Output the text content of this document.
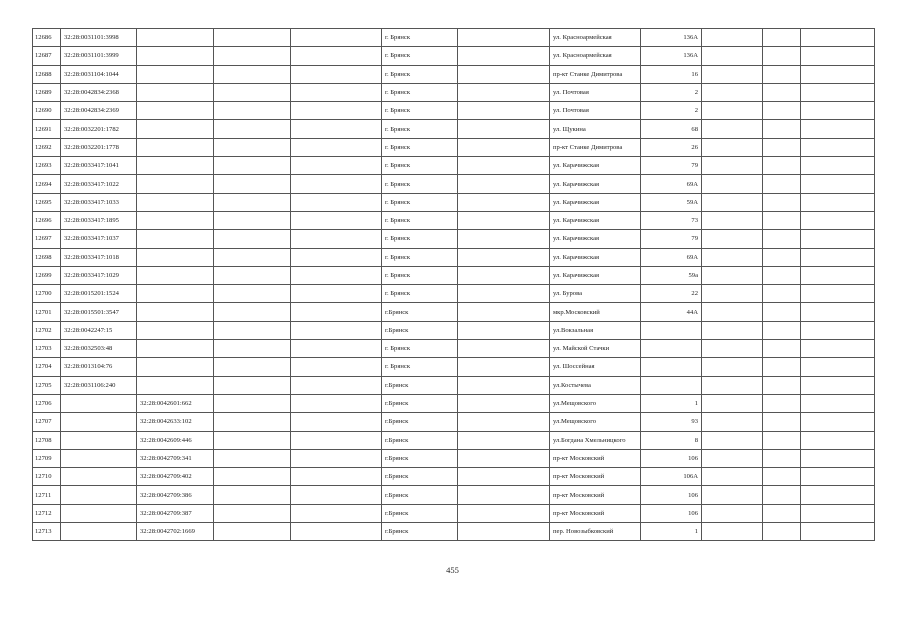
12686	32:28:0031101:3998				г. Брянск		ул. Красноармейская	136А			
12687	32:28:0031101:3999				г. Брянск		ул. Красноармейская	136А			
12688	32:28:0031104:1044				г. Брянск		пр-кт Станке Димитрова	16			
12689	32:28:0042834:2368				г. Брянск		ул. Почтовая	2			
12690	32:28:0042834:2369				г. Брянск		ул. Почтовая	2			
12691	32:28:0032201:1782				г. Брянск		ул. Щукина	68			
12692	32:28:0032201:1778				г. Брянск		пр-кт Станке Димитрова	26			
12693	32:28:0033417:1041				г. Брянск		ул. Карачижская	79			
12694	32:28:0033417:1022				г. Брянск		ул. Карачижская	69А			
12695	32:28:0033417:1033				г. Брянск		ул. Карачижская	59А			
12696	32:28:0033417:1895				г. Брянск		ул. Карачижская	73			
12697	32:28:0033417:1037				г. Брянск		ул. Карачижская	79			
12698	32:28:0033417:1018				г. Брянск		ул. Карачижская	69А			
12699	32:28:0033417:1029				г. Брянск		ул. Карачижская	59а			
12700	32:28:0015201:1524				г. Брянск		ул. Бурова	22			
12701	32:28:0015501:3547				г.Брянск		мкр.Московский	44А			
12702	32:28:0042247:15				г.Брянск		ул.Вокзальная				
12703	32:28:0032503:48				г. Брянск		ул. Майской Стачки				
12704	32:28:0013104:76				г. Брянск		ул. Шоссейная				
12705	32:28:0031106:240				г.Брянск		ул.Костычева				
12706		32:28:0042601:662			г.Брянск		ул.Мещовского	1			
12707		32:28:0042633:102			г.Брянск		ул.Мещовского	93			
12708		32:28:0042609:446			г.Брянск		ул.Богдана Хмельницкого	8			
12709		32:28:0042709:341			г.Брянск		пр-кт Московский	106			
12710		32:28:0042709:402			г.Брянск		пр-кт Московский	106А			
12711		32:28:0042709:386			г.Брянск		пр-кт Московский	106			
12712		32:28:0042709:387			г.Брянск		пр-кт Московский	106			
12713		32:28:0042702:1669			г.Брянск		пер. Новозыбковский	1			
455
